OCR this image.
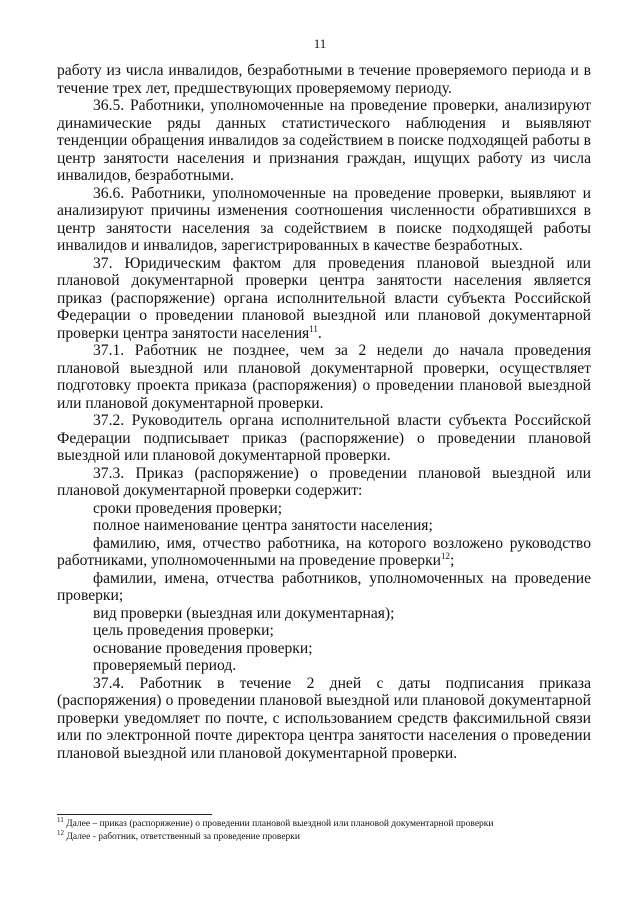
11

работу из числа инвалидов, безработными в течение проверяемого периода и в течение трех лет, предшествующих проверяемому периоду.

36.5. Работники, уполномоченные на проведение проверки, анализируют динамические ряды данных статистического наблюдения и выявляют тенденции обращения инвалидов за содействием в поиске подходящей работы в центр занятости населения и признания граждан, ищущих работу из числа инвалидов, безработными.

36.6. Работники, уполномоченные на проведение проверки, выявляют и анализируют причины изменения соотношения численности обратившихся в центр занятости населения за содействием в поиске подходящей работы инвалидов и инвалидов, зарегистрированных в качестве безработных.

37. Юридическим фактом для проведения плановой выездной или плановой документарной проверки центра занятости населения является приказ (распоряжение) органа исполнительной власти субъекта Российской Федерации о проведении плановой выездной или плановой документарной проверки центра занятости населения$^{11}$.

37.1. Работник не позднее, чем за 2 недели до начала проведения плановой выездной или плановой документарной проверки, осуществляет подготовку проекта приказа (распоряжения) о проведении плановой выездной или плановой документарной проверки.

37.2. Руководитель органа исполнительной власти субъекта Российской Федерации подписывает приказ (распоряжение) о проведении плановой выездной или плановой документарной проверки.

37.3. Приказ (распоряжение) о проведении плановой выездной или плановой документарной проверки содержит:

сроки проведения проверки;

полное наименование центра занятости населения;

фамилию, имя, отчество работника, на которого возложено руководство работниками, уполномоченными на проведение проверки$^{12}$;

фамилии, имена, отчества работников, уполномоченных на проведение проверки;

вид проверки (выездная или документарная);

цель проведения проверки;

основание проведения проверки;

проверяемый период.

37.4. Работник в течение 2 дней с даты подписания приказа (распоряжения) о проведении плановой выездной или плановой документарной проверки уведомляет по почте, с использованием средств факсимильной связи или по электронной почте директора центра занятости населения о проведении плановой выездной или плановой документарной проверки.

$^{11}$ Далее – приказ (распоряжение) о проведении плановой выездной или плановой документарной проверки

$^{12}$ Далее - работник, ответственный за проведение проверки
